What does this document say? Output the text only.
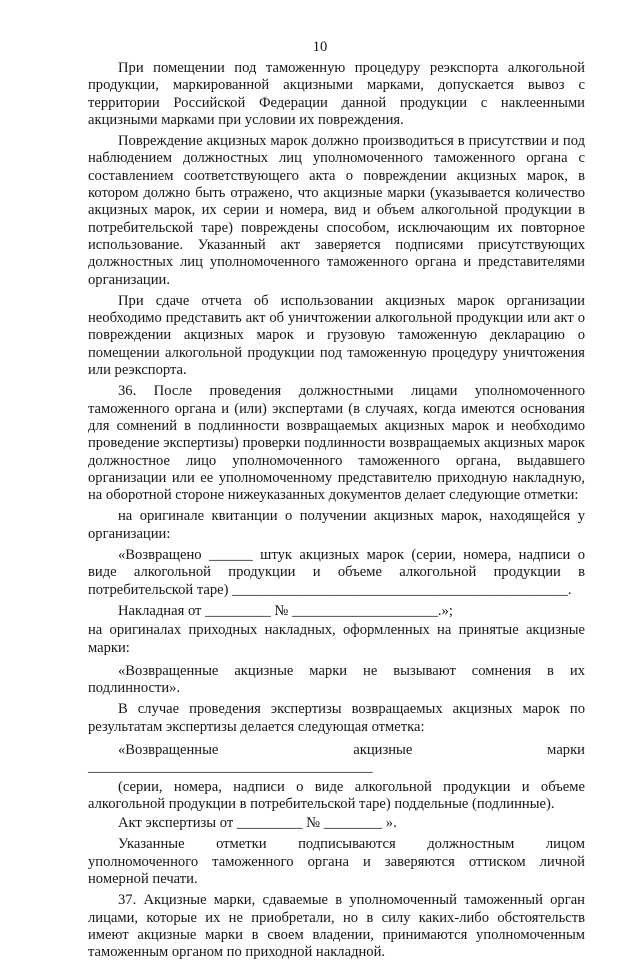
10

При помещении под таможенную процедуру реэкспорта алкогольной продукции, маркированной акцизными марками, допускается вывоз с территории Российской Федерации данной продукции с наклеенными акцизными марками при условии их повреждения.

Повреждение акцизных марок должно производиться в присутствии и под наблюдением должностных лиц уполномоченного таможенного органа с составлением соответствующего акта о повреждении акцизных марок, в котором должно быть отражено, что акцизные марки (указывается количество акцизных марок, их серии и номера, вид и объем алкогольной продукции в потребительской таре) повреждены способом, исключающим их повторное использование. Указанный акт заверяется подписями присутствующих должностных лиц уполномоченного таможенного органа и представителями организации.

При сдаче отчета об использовании акцизных марок организации необходимо представить акт об уничтожении алкогольной продукции или акт о повреждении акцизных марок и грузовую таможенную декларацию о помещении алкогольной продукции под таможенную процедуру уничтожения или реэкспорта.

36. После проведения должностными лицами уполномоченного таможенного органа и (или) экспертами (в случаях, когда имеются основания для сомнений в подлинности возвращаемых акцизных марок и необходимо проведение экспертизы) проверки подлинности возвращаемых акцизных марок должностное лицо уполномоченного таможенного органа, выдавшего организации или ее уполномоченному представителю приходную накладную, на оборотной стороне нижеуказанных документов делает следующие отметки:

на оригинале квитанции о получении акцизных марок, находящейся у организации:

«Возвращено ______ штук акцизных марок (серии, номера, надписи о виде алкогольной продукции и объеме алкогольной продукции в потребительской таре) ______________________________________________.

Накладная от _________ № ____________________.»;

на оригиналах приходных накладных, оформленных на принятые акцизные марки:

«Возвращенные акцизные марки не вызывают сомнения в их подлинности».

В случае проведения экспертизы возвращаемых акцизных марок по результатам экспертизы делается следующая отметка:

«Возвращенные акцизные марки _______________________________________

(серии, номера, надписи о виде алкогольной продукции и объеме алкогольной продукции в потребительской таре) поддельные (подлинные).

Акт экспертизы от _________ № ________ ».

Указанные отметки подписываются должностным лицом уполномоченного таможенного органа и заверяются оттиском личной номерной печати.

37. Акцизные марки, сдаваемые в уполномоченный таможенный орган лицами, которые их не приобретали, но в силу каких-либо обстоятельств имеют акцизные марки в своем владении, принимаются уполномоченным таможенным органом по приходной накладной.
